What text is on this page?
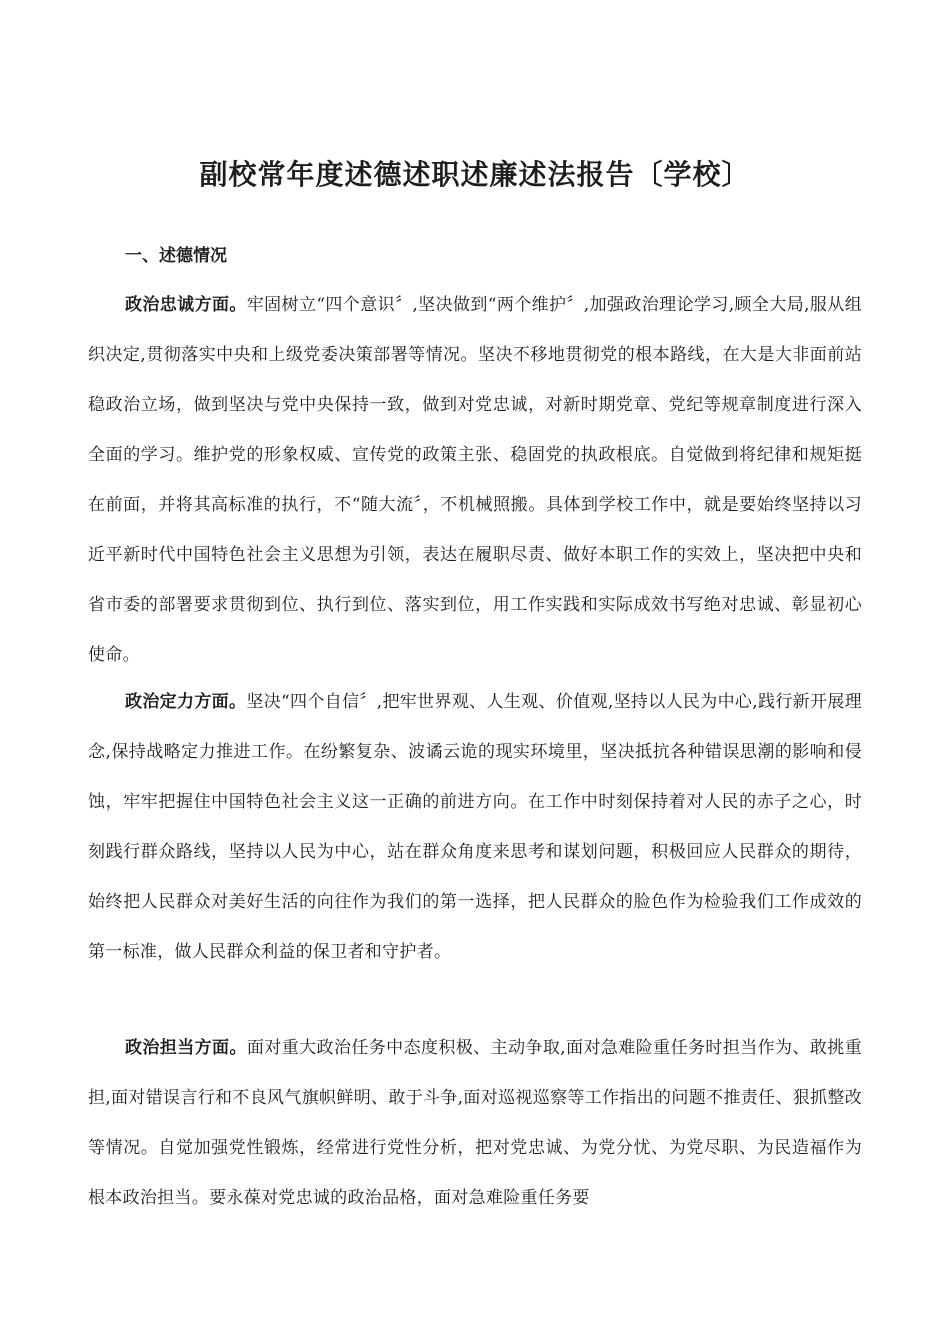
副校常年度述德述职述廉述法报告〔学校〕
一、述德情况

政治忠诚方面。牢固树立“四个意识〞,坚决做到“两个维护〞,加强政治理论学习,顾全大局,服从组织决定,贯彻落实中央和上级党委决策部署等情况。坚决不移地贯彻党的根本路线，在大是大非面前站稳政治立场，做到坚决与党中央保持一致，做到对党忠诚，对新时期党章、党纪等规章制度进行深入全面的学习。维护党的形象权威、宣传党的政策主张、稳固党的执政根底。自觉做到将纪律和规矩挺在前面，并将其高标准的执行，不“随大流〞，不机械照搬。具体到学校工作中，就是要始终坚持以习近平新时代中国特色社会主义思想为引领，表达在履职尽责、做好本职工作的实效上，坚决把中央和省市委的部署要求贯彻到位、执行到位、落实到位，用工作实践和实际成效书写绝对忠诚、彰显初心使命。

政治定力方面。坚决“四个自信〞,把牢世界观、人生观、价值观,坚持以人民为中心,践行新开展理念,保持战略定力推进工作。在纷繁复杂、波谲云诡的现实环境里，坚决抵抗各种错误思潮的影响和侵蚀，牢牢把握住中国特色社会主义这一正确的前进方向。在工作中时刻保持着对人民的赤子之心，时刻践行群众路线，坚持以人民为中心，站在群众角度来思考和谋划问题，积极回应人民群众的期待，始终把人民群众对美好生活的向往作为我们的第一选择，把人民群众的脸色作为检验我们工作成效的第一标准，做人民群众利益的保卫者和守护者。

政治担当方面。面对重大政治任务中态度积极、主动争取,面对急难险重任务时担当作为、敢挑重担,面对错误言行和不良风气旗帜鲜明、敢于斗争,面对巡视巡察等工作指出的问题不推责任、狠抓整改等情况。自觉加强党性锻炼，经常进行党性分析，把对党忠诚、为党分忧、为党尽职、为民造福作为根本政治担当。要永葆对党忠诚的政治品格，面对急难险重任务要
